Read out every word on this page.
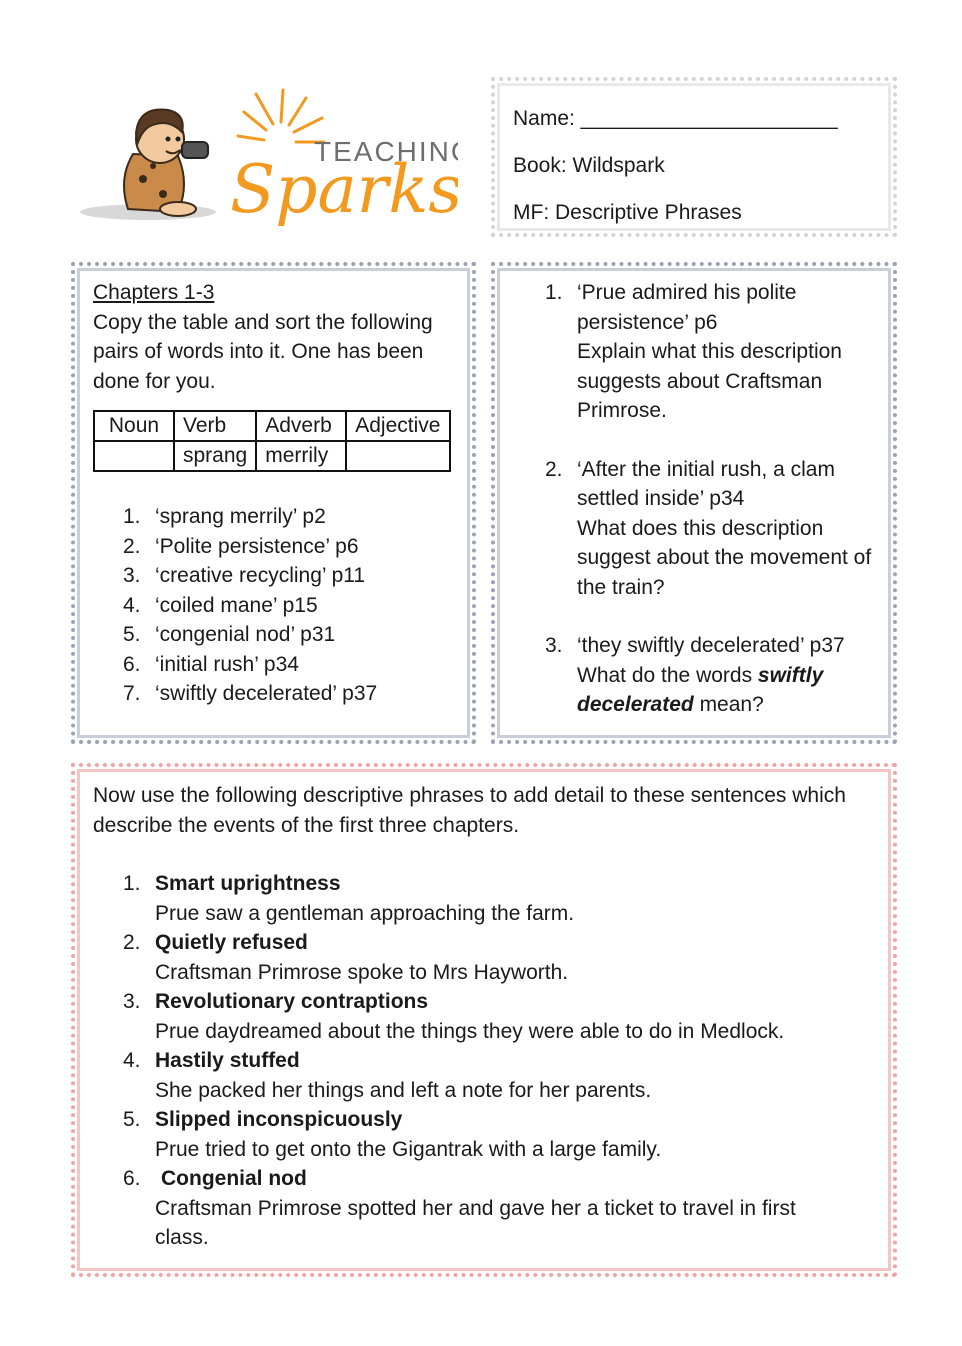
TEACHIN
Sparks
Name: ______________________
Book: Wildspark
MF: Descriptive Phrases
Chapters 1-3
Copy the table and sort the following pairs of words into it. One has been done for you.
Noun	Verb	Adverb	Adjective
	sprang	merrily	
1. ‘sprang merrily’ p2
2. ‘Polite persistence’ p6
3. ‘creative recycling’ p11
4. ‘coiled mane’ p15
5. ‘congenial nod’ p31
6. ‘initial rush’ p34
7. ‘swiftly decelerated’ p37
1. ‘Prue admired his polite persistence’ p6
Explain what this description suggests about Craftsman Primrose.
2. ‘After the initial rush, a clam settled inside’ p34
What does this description suggest about the movement of the train?
3. ‘they swiftly decelerated’ p37
What do the words swiftly decelerated mean?
Now use the following descriptive phrases to add detail to these sentences which describe the events of the first three chapters.
1. Smart uprightness
Prue saw a gentleman approaching the farm.
2. Quietly refused
Craftsman Primrose spoke to Mrs Hayworth.
3. Revolutionary contraptions
Prue daydreamed about the things they were able to do in Medlock.
4. Hastily stuffed
She packed her things and left a note for her parents.
5. Slipped inconspicuously
Prue tried to get onto the Gigantrak with a large family.
6. Congenial nod
Craftsman Primrose spotted her and gave her a ticket to travel in first class.
